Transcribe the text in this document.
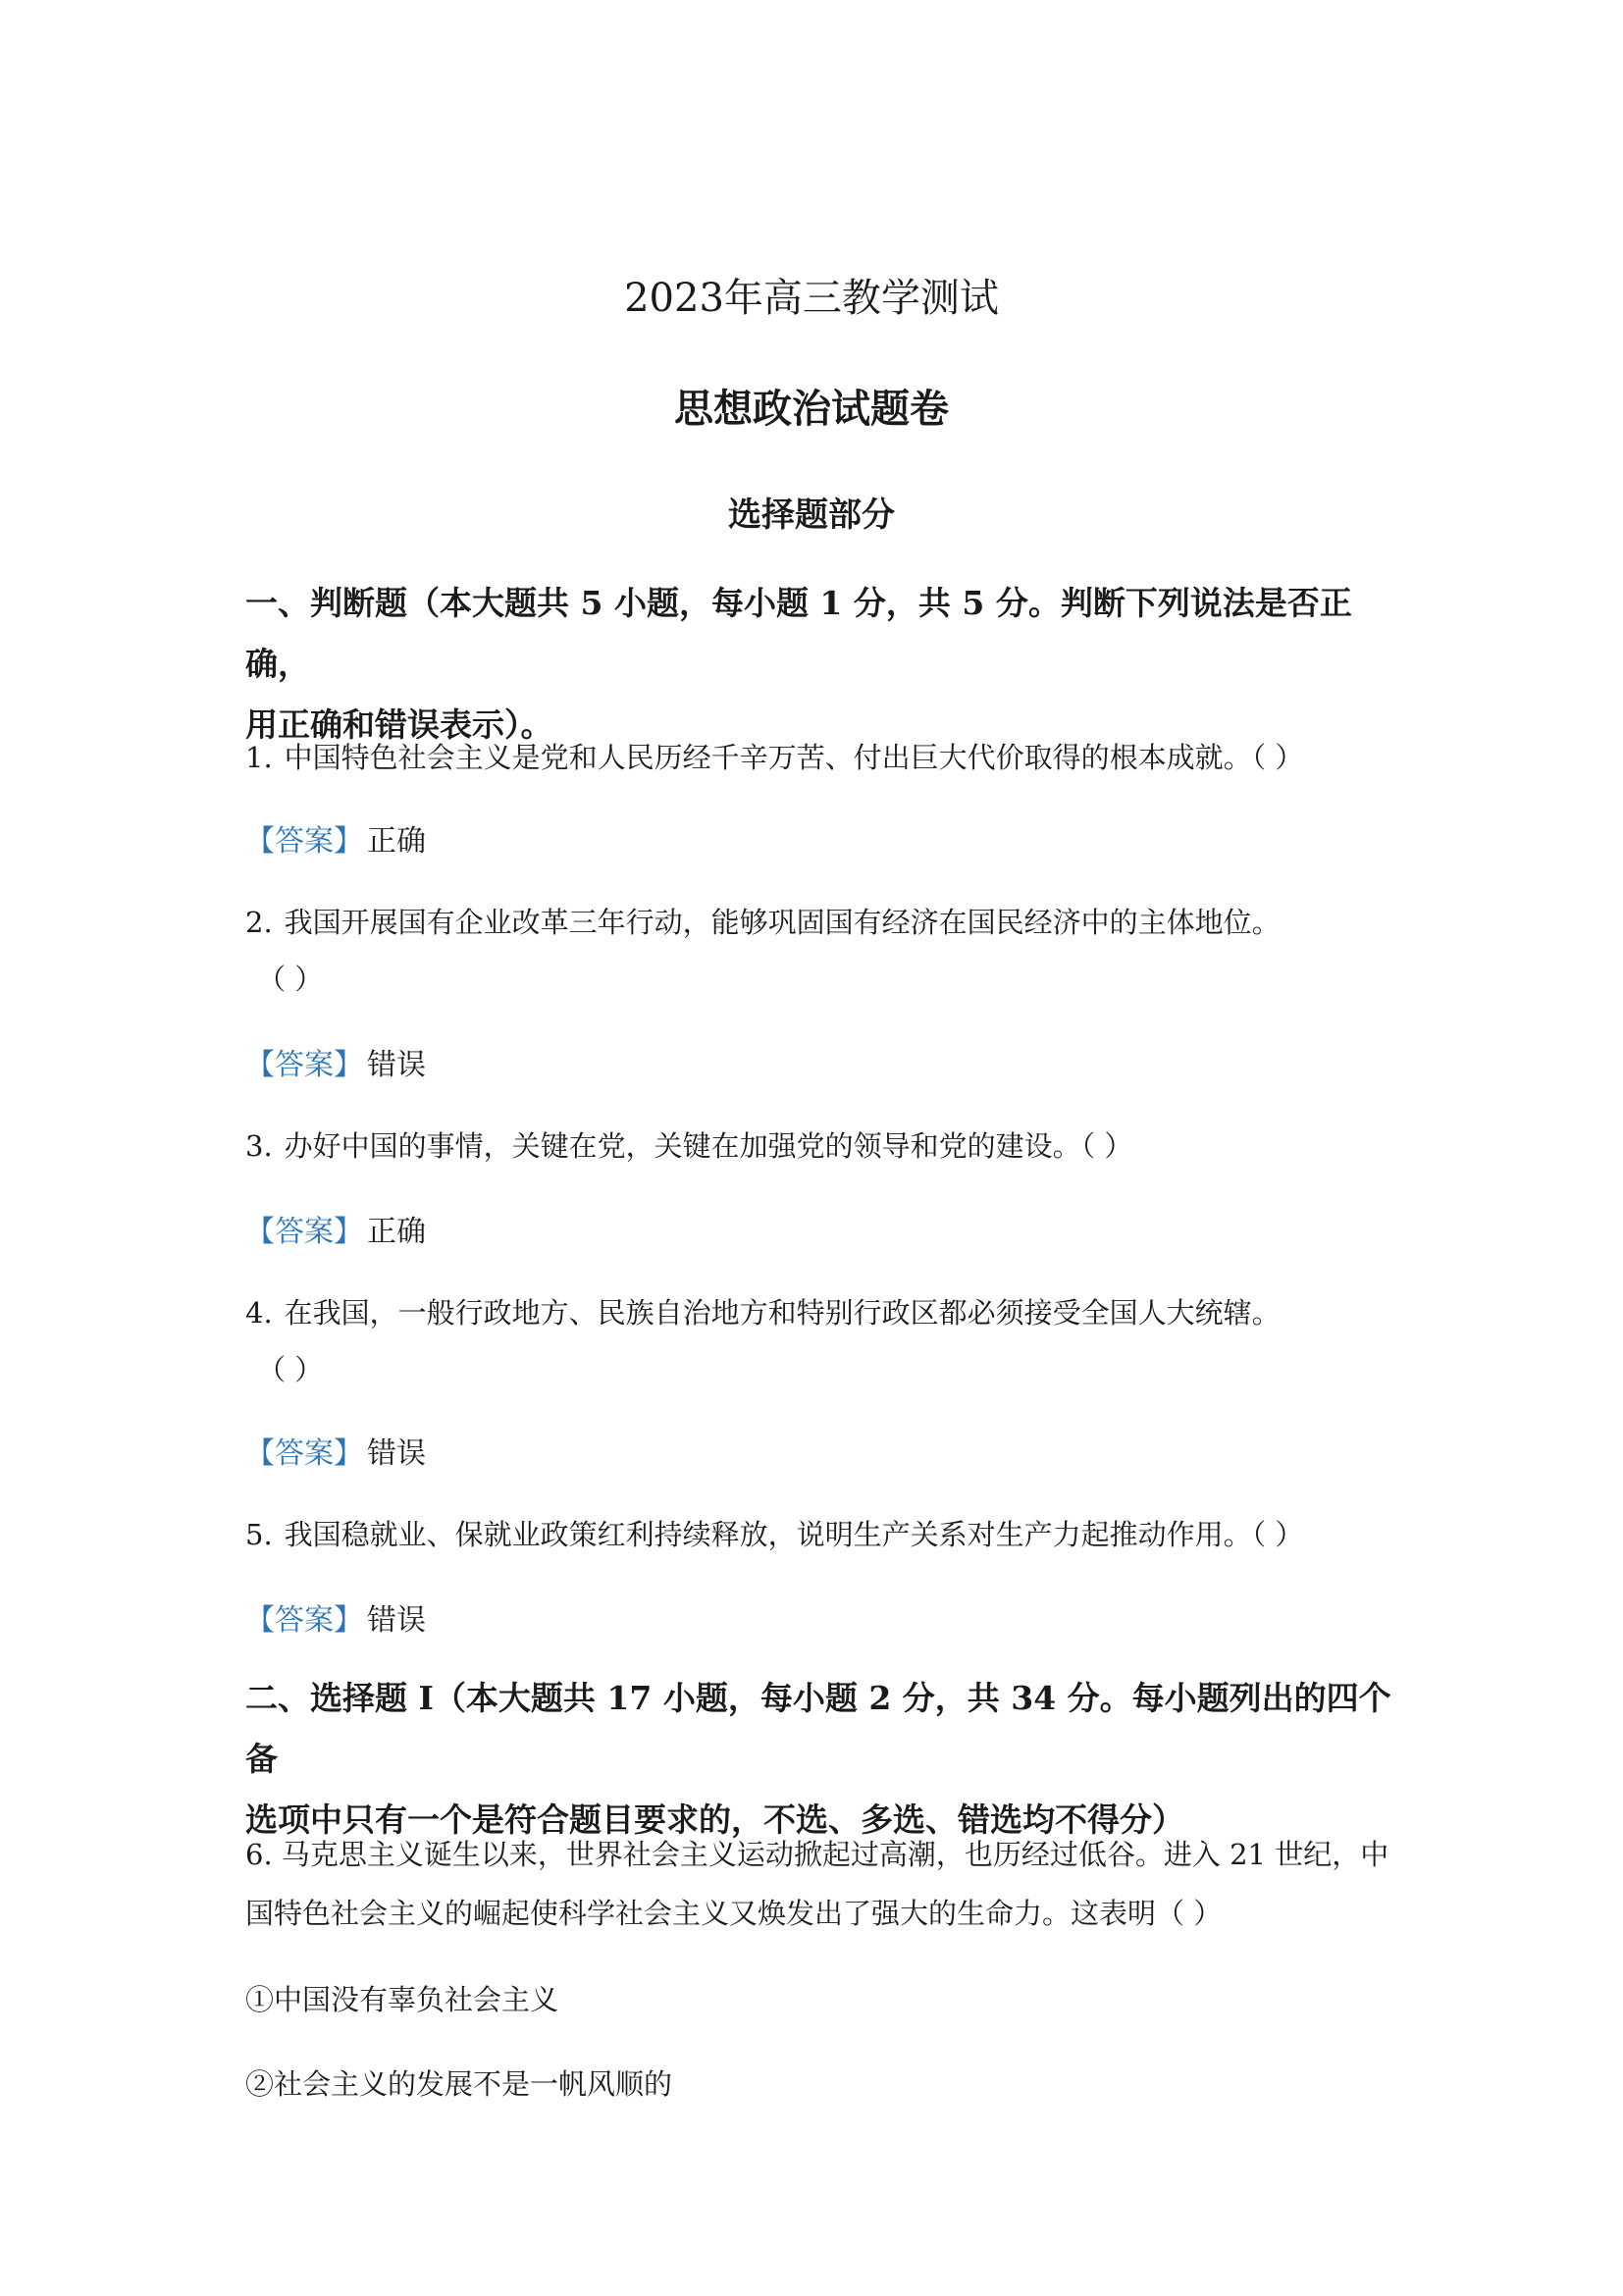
2023年高三教学测试
思想政治试题卷
选择题部分
一、判断题（本大题共 5 小题，每小题 1 分，共 5 分。判断下列说法是否正确，
用正确和错误表示）。
1. 中国特色社会主义是党和人民历经千辛万苦、付出巨大代价取得的根本成就。（ ）
【答案】 正确
2. 我国开展国有企业改革三年行动，能够巩固国有经济在国民经济中的主体地位。
（ ）
【答案】 错误
3. 办好中国的事情，关键在党，关键在加强党的领导和党的建设。（ ）
【答案】 正确
4. 在我国，一般行政地方、民族自治地方和特别行政区都必须接受全国人大统辖。
（ ）
【答案】 错误
5. 我国稳就业、保就业政策红利持续释放，说明生产关系对生产力起推动作用。（ ）
【答案】 错误
二、选择题 I（本大题共 17 小题，每小题 2 分，共 34 分。每小题列出的四个备
选项中只有一个是符合题目要求的，不选、多选、错选均不得分）
6. 马克思主义诞生以来，世界社会主义运动掀起过高潮，也历经过低谷。进入 21 世纪，中
国特色社会主义的崛起使科学社会主义又焕发出了强大的生命力。这表明（ ）
①中国没有辜负社会主义
②社会主义的发展不是一帆风顺的
